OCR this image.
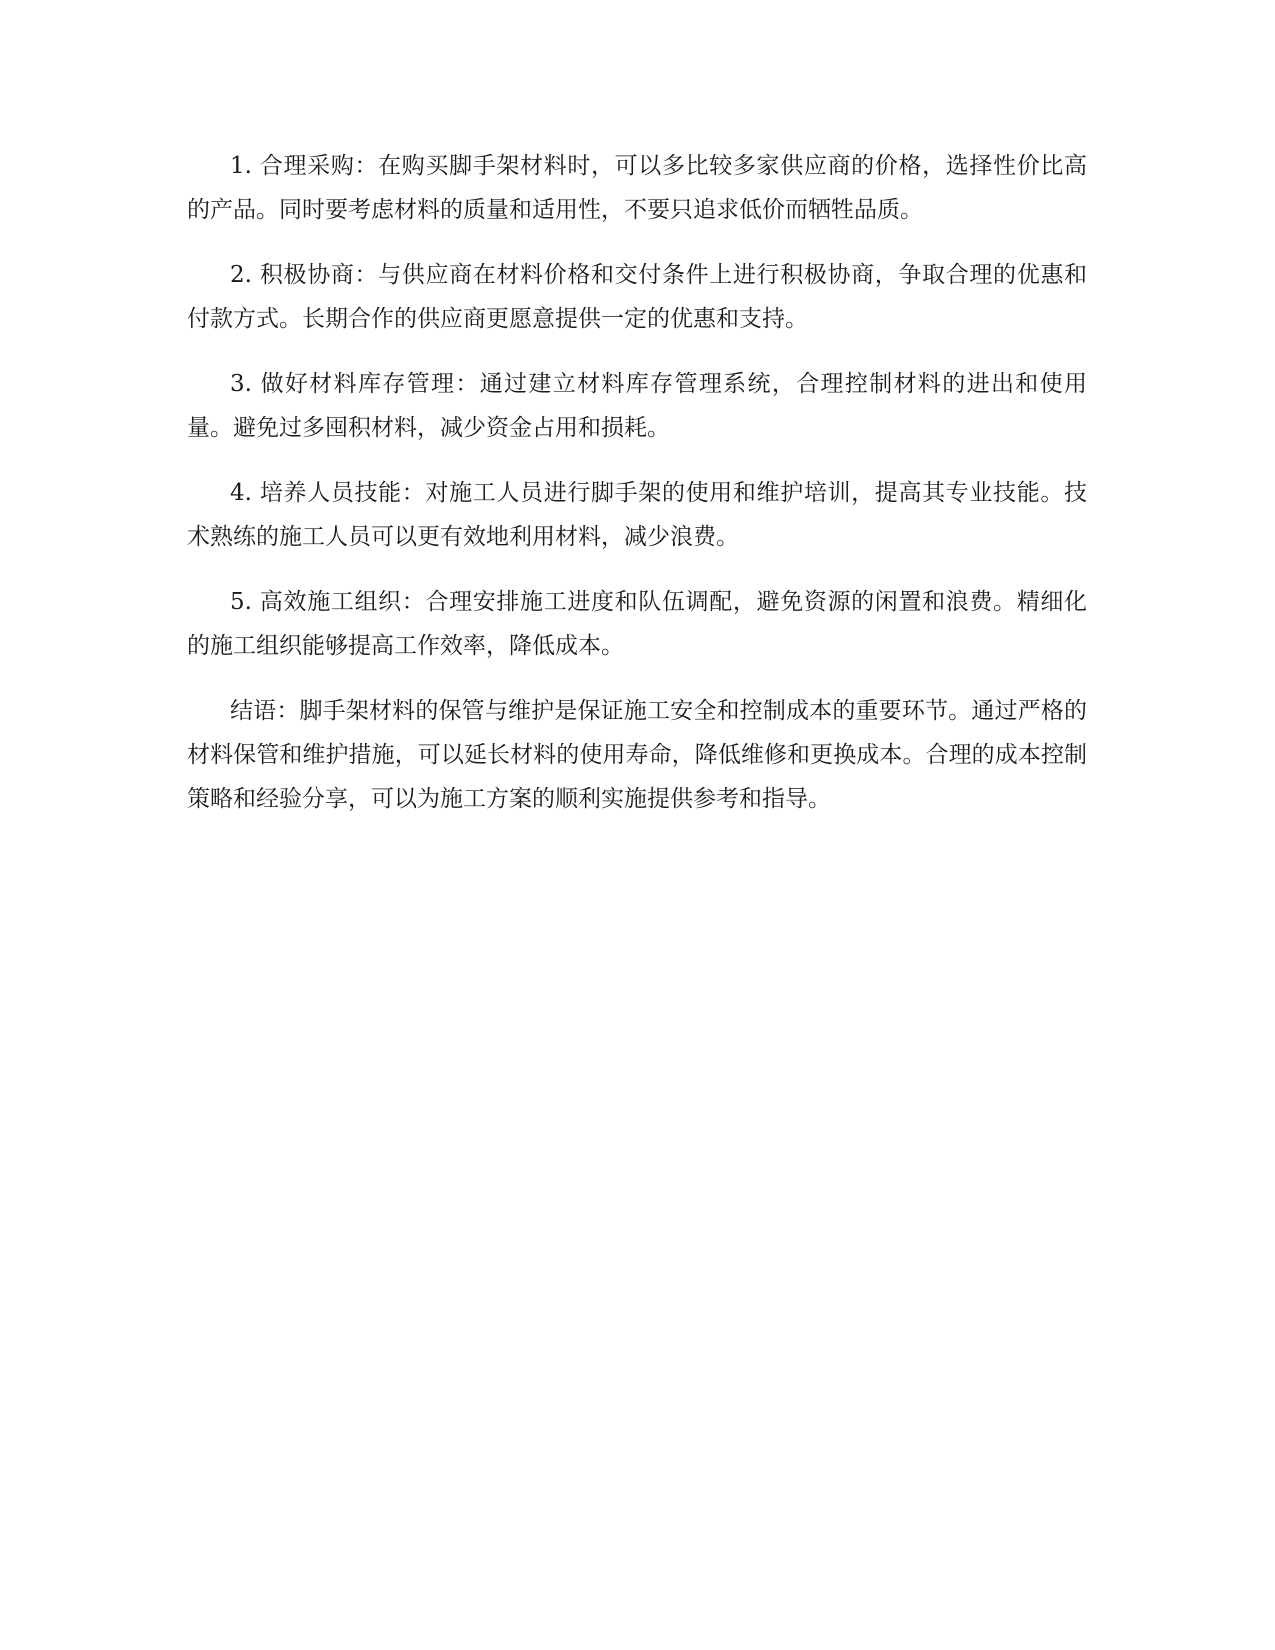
1. 合理采购：在购买脚手架材料时，可以多比较多家供应商的价格，选择性价比高的产品。同时要考虑材料的质量和适用性，不要只追求低价而牺牲品质。

2. 积极协商：与供应商在材料价格和交付条件上进行积极协商，争取合理的优惠和付款方式。长期合作的供应商更愿意提供一定的优惠和支持。

3. 做好材料库存管理：通过建立材料库存管理系统，合理控制材料的进出和使用量。避免过多囤积材料，减少资金占用和损耗。

4. 培养人员技能：对施工人员进行脚手架的使用和维护培训，提高其专业技能。技术熟练的施工人员可以更有效地利用材料，减少浪费。

5. 高效施工组织：合理安排施工进度和队伍调配，避免资源的闲置和浪费。精细化的施工组织能够提高工作效率，降低成本。

结语：脚手架材料的保管与维护是保证施工安全和控制成本的重要环节。通过严格的材料保管和维护措施，可以延长材料的使用寿命，降低维修和更换成本。合理的成本控制策略和经验分享，可以为施工方案的顺利实施提供参考和指导。
